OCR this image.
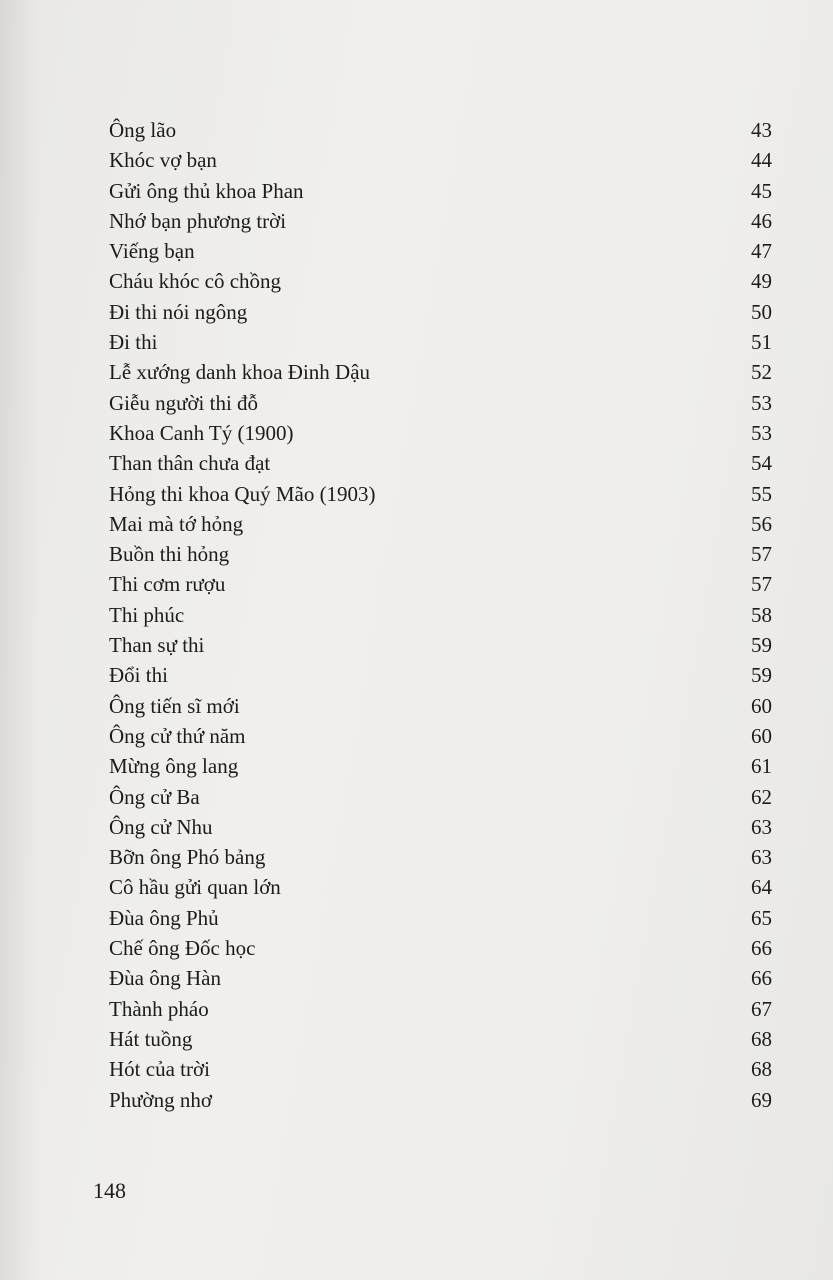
Ông lão	43
Khóc vợ bạn	44
Gửi ông thủ khoa Phan	45
Nhớ bạn phương trời	46
Viếng bạn	47
Cháu khóc cô chồng	49
Đi thi nói ngông	50
Đi thi	51
Lễ xướng danh khoa Đinh Dậu	52
Giễu người thi đỗ	53
Khoa Canh Tý (1900)	53
Than thân chưa đạt	54
Hỏng thi khoa Quý Mão (1903)	55
Mai mà tớ hỏng	56
Buồn thi hỏng	57
Thi cơm rượu	57
Thi phúc	58
Than sự thi	59
Đổi thi	59
Ông tiến sĩ mới	60
Ông cử thứ năm	60
Mừng ông lang	61
Ông cử Ba	62
Ông cử Nhu	63
Bỡn ông Phó bảng	63
Cô hầu gửi quan lớn	64
Đùa ông Phủ	65
Chế ông Đốc học	66
Đùa ông Hàn	66
Thành pháo	67
Hát tuồng	68
Hót của trời	68
Phường nhơ	69
148
